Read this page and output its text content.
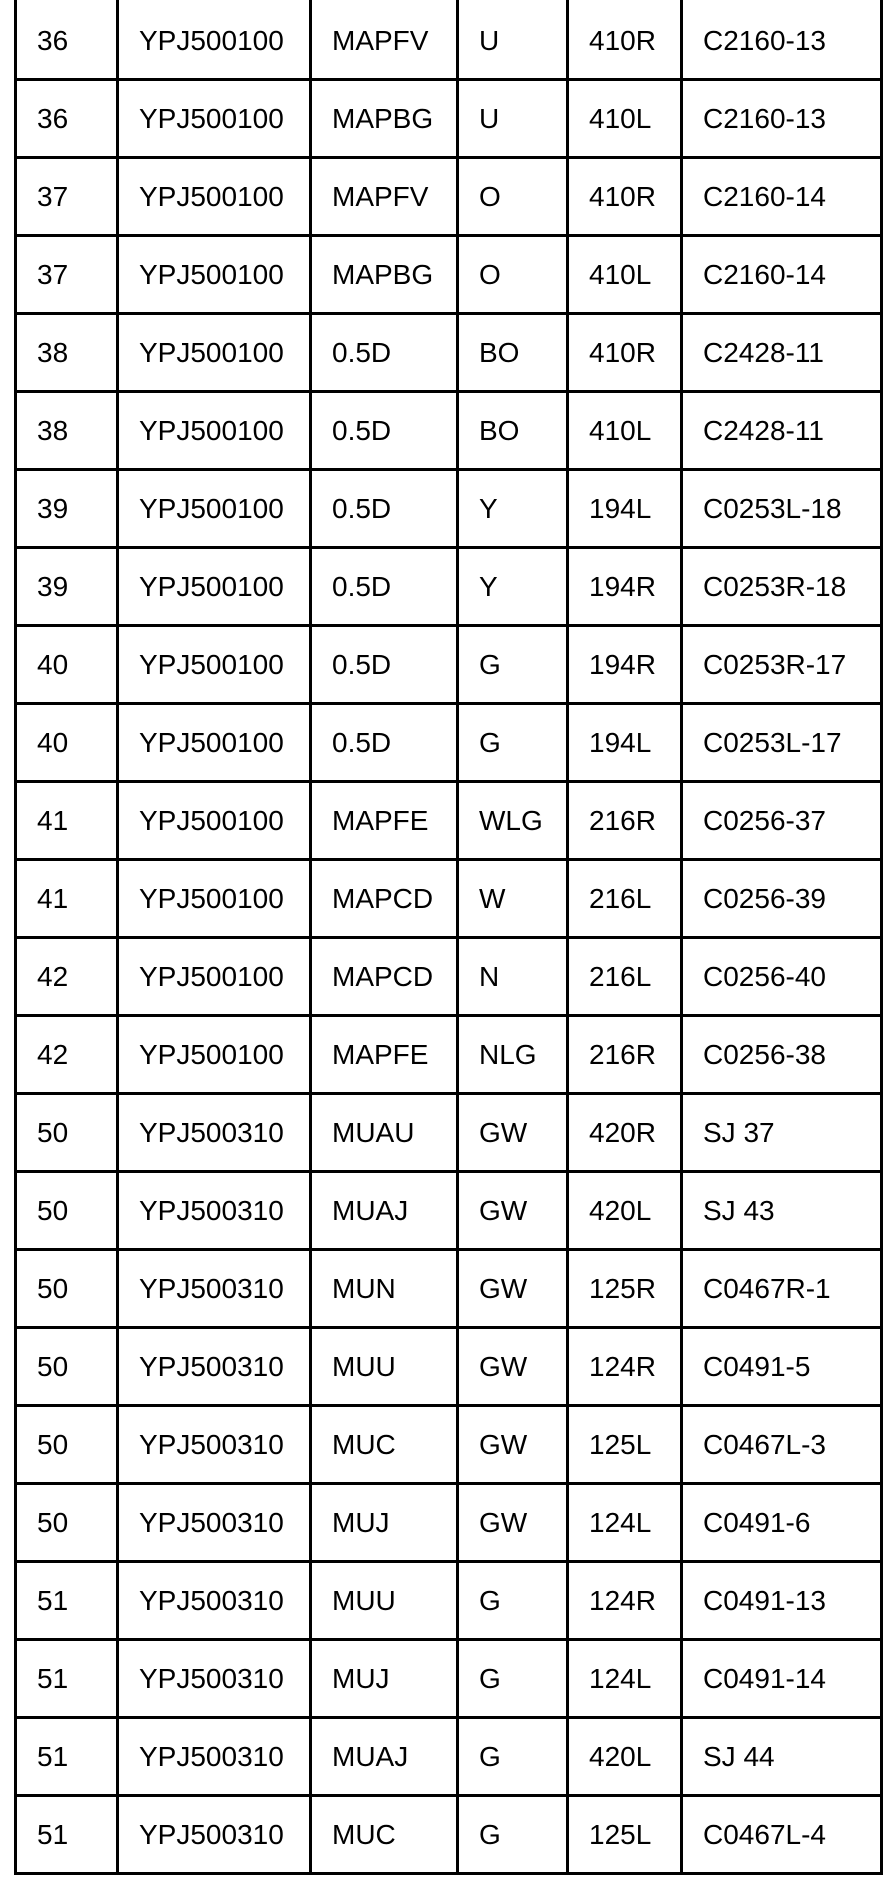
36	YPJ500100	MAPFV	U	410R	C2160-13
36	YPJ500100	MAPBG	U	410L	C2160-13
37	YPJ500100	MAPFV	O	410R	C2160-14
37	YPJ500100	MAPBG	O	410L	C2160-14
38	YPJ500100	0.5D	BO	410R	C2428-11
38	YPJ500100	0.5D	BO	410L	C2428-11
39	YPJ500100	0.5D	Y	194L	C0253L-18
39	YPJ500100	0.5D	Y	194R	C0253R-18
40	YPJ500100	0.5D	G	194R	C0253R-17
40	YPJ500100	0.5D	G	194L	C0253L-17
41	YPJ500100	MAPFE	WLG	216R	C0256-37
41	YPJ500100	MAPCD	W	216L	C0256-39
42	YPJ500100	MAPCD	N	216L	C0256-40
42	YPJ500100	MAPFE	NLG	216R	C0256-38
50	YPJ500310	MUAU	GW	420R	SJ 37
50	YPJ500310	MUAJ	GW	420L	SJ 43
50	YPJ500310	MUN	GW	125R	C0467R-1
50	YPJ500310	MUU	GW	124R	C0491-5
50	YPJ500310	MUC	GW	125L	C0467L-3
50	YPJ500310	MUJ	GW	124L	C0491-6
51	YPJ500310	MUU	G	124R	C0491-13
51	YPJ500310	MUJ	G	124L	C0491-14
51	YPJ500310	MUAJ	G	420L	SJ 44
51	YPJ500310	MUC	G	125L	C0467L-4
